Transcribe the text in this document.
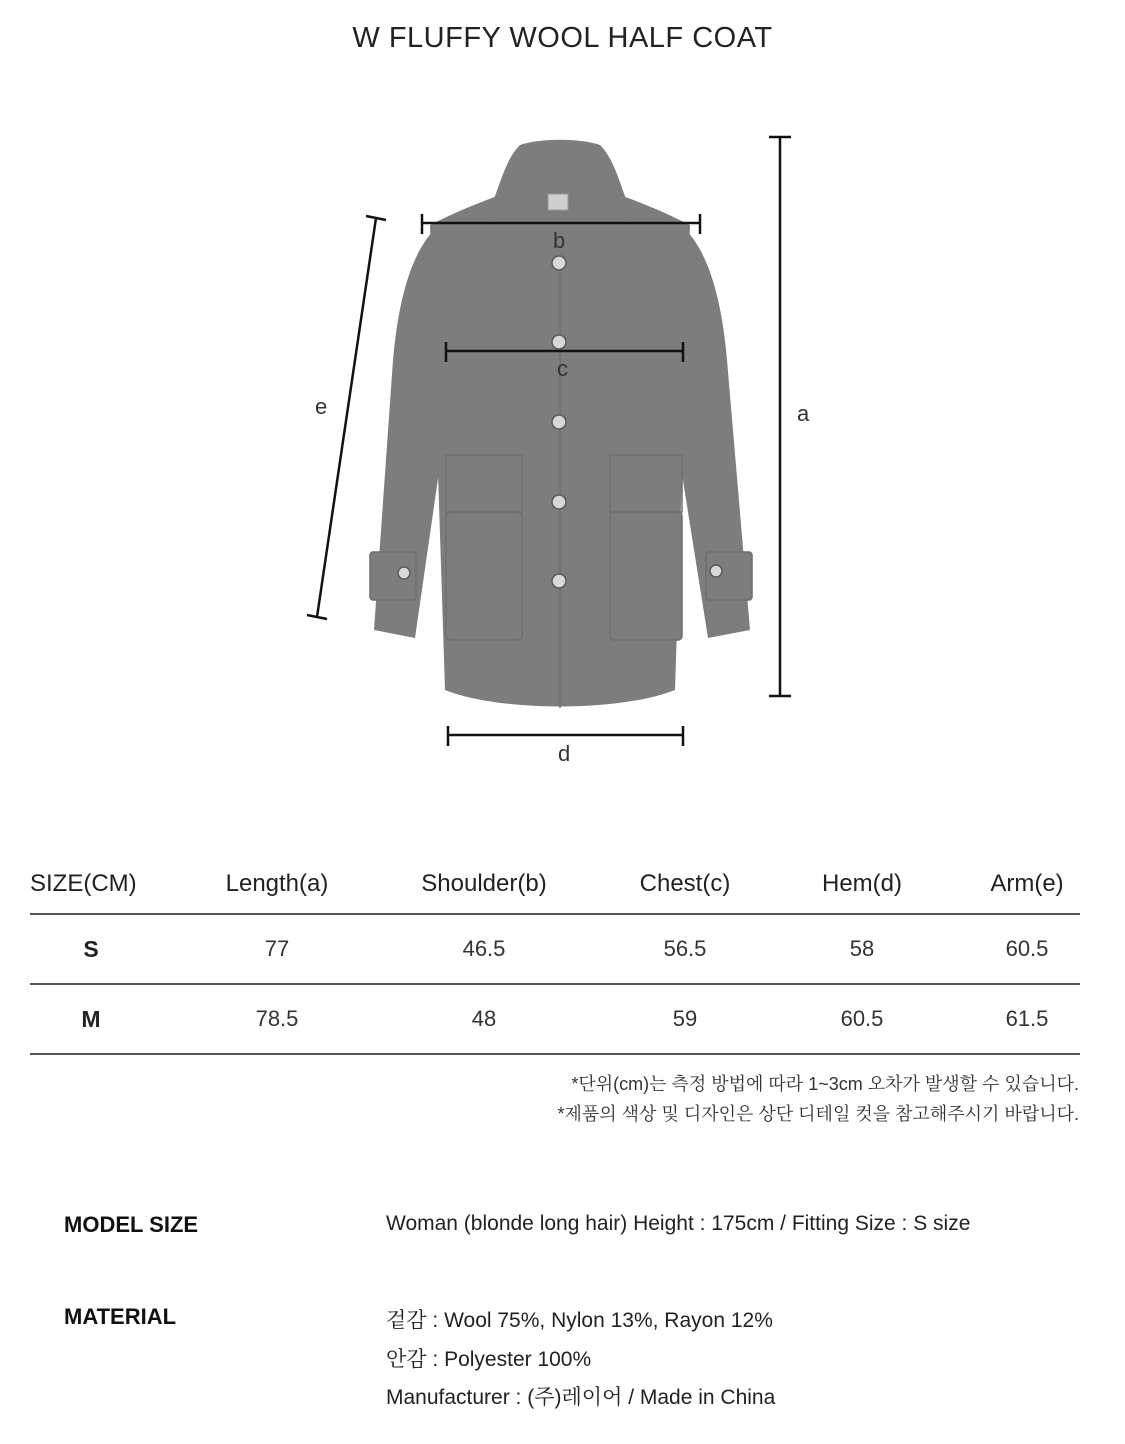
W FLUFFY WOOL HALF COAT
b
c
d
a
e
SIZE(CM)	Length(a)	Shoulder(b)	Chest(c)	Hem(d)	Arm(e)
S	77	46.5	56.5	58	60.5
M	78.5	48	59	60.5	61.5
*단위(cm)는 측정 방법에 따라 1~3cm 오차가 발생할 수 있습니다.
*제품의 색상 및 디자인은 상단 디테일 컷을 참고해주시기 바랍니다.
MODEL SIZE	Woman (blonde long hair) Height : 175cm / Fitting Size : S size
MATERIAL	겉감 : Wool 75%, Nylon 13%, Rayon 12%
안감 : Polyester 100%
Manufacturer : (주)레이어 / Made in China
